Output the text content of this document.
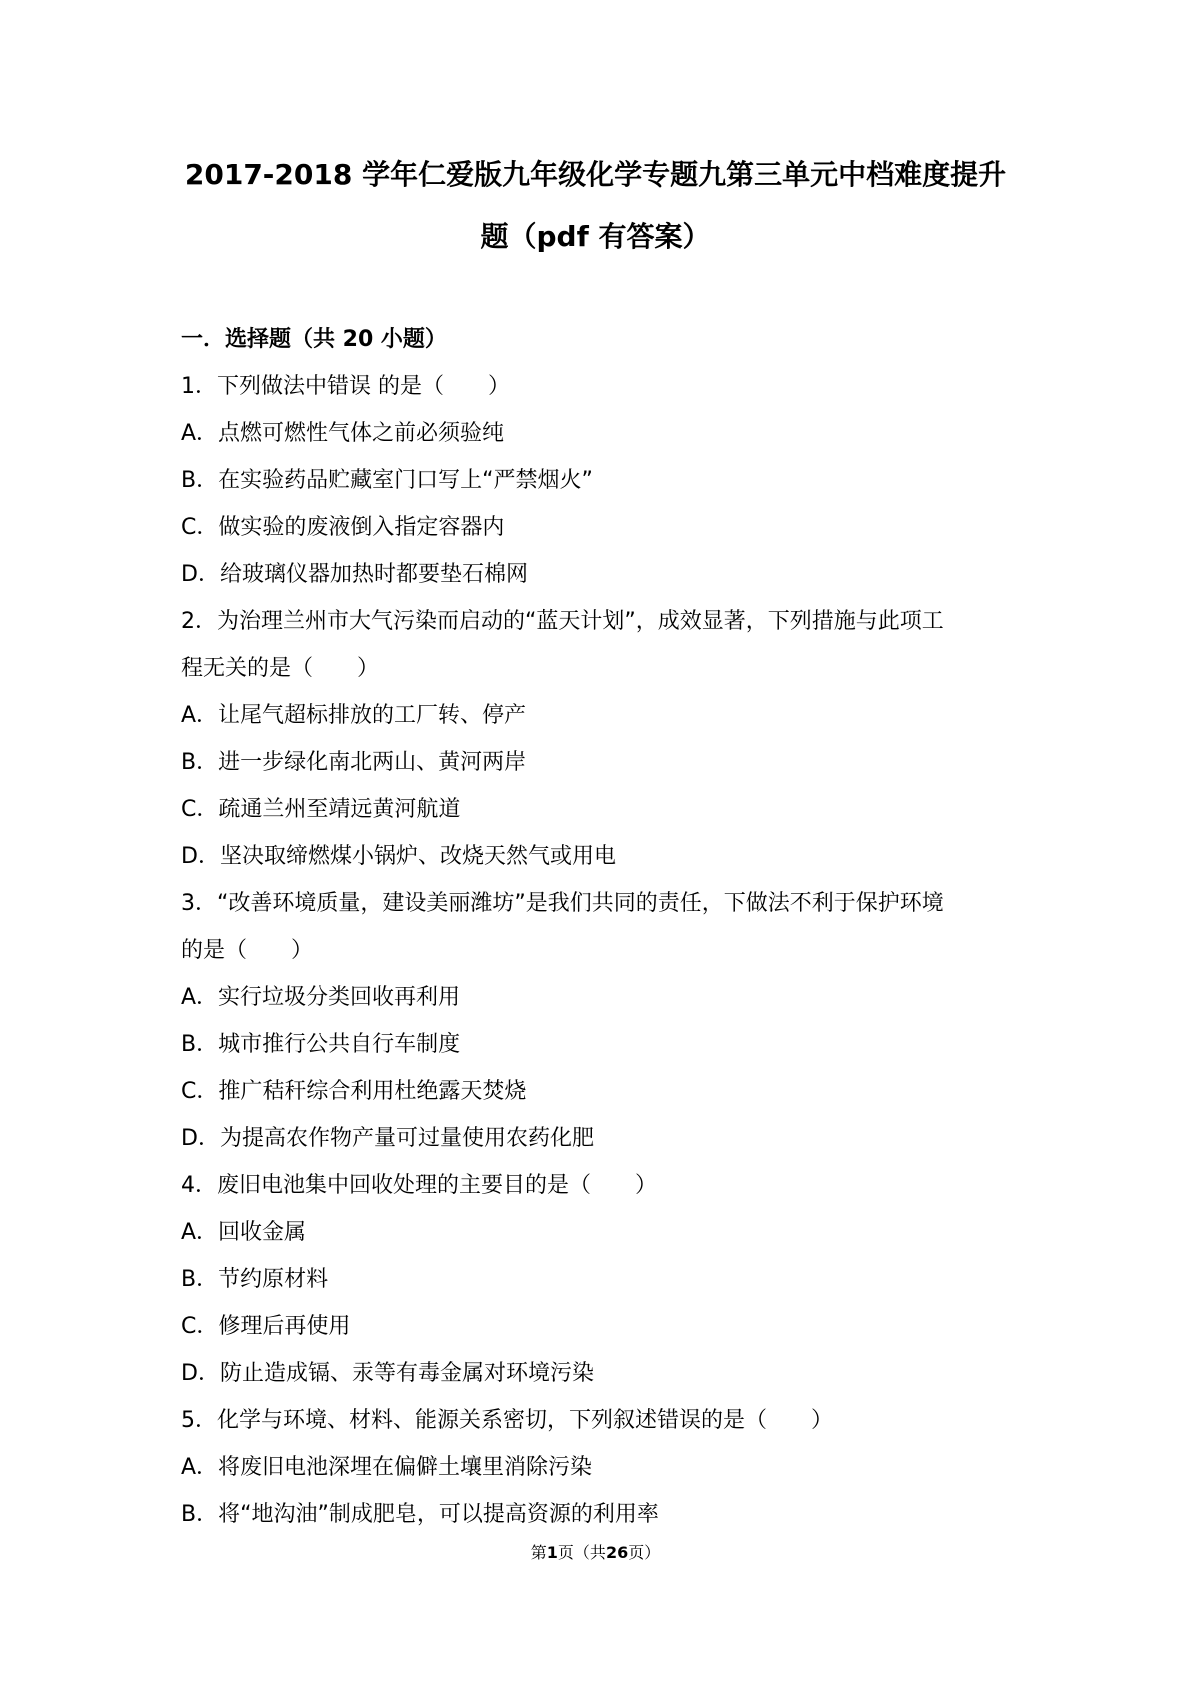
2017-2018 学年仁爱版九年级化学专题九第三单元中档难度提升
题（pdf 有答案）
一．选择题（共 20 小题）
1．下列做法中错误 的是（　　）
A．点燃可燃性气体之前必须验纯
B．在实验药品贮藏室门口写上“严禁烟火”
C．做实验的废液倒入指定容器内
D．给玻璃仪器加热时都要垫石棉网
2．为治理兰州市大气污染而启动的“蓝天计划”，成效显著，下列措施与此项工
程无关的是（　　）
A．让尾气超标排放的工厂转、停产
B．进一步绿化南北两山、黄河两岸
C．疏通兰州至靖远黄河航道
D．坚决取缔燃煤小锅炉、改烧天然气或用电
3．“改善环境质量，建设美丽潍坊”是我们共同的责任，下做法不利于保护环境
的是（　　）
A．实行垃圾分类回收再利用
B．城市推行公共自行车制度
C．推广秸秆综合利用杜绝露天焚烧
D．为提高农作物产量可过量使用农药化肥
4．废旧电池集中回收处理的主要目的是（　　）
A．回收金属
B．节约原材料
C．修理后再使用
D．防止造成镉、汞等有毒金属对环境污染
5．化学与环境、材料、能源关系密切，下列叙述错误的是（　　）
A．将废旧电池深埋在偏僻土壤里消除污染
B．将“地沟油”制成肥皂，可以提高资源的利用率
第1页（共26页）
